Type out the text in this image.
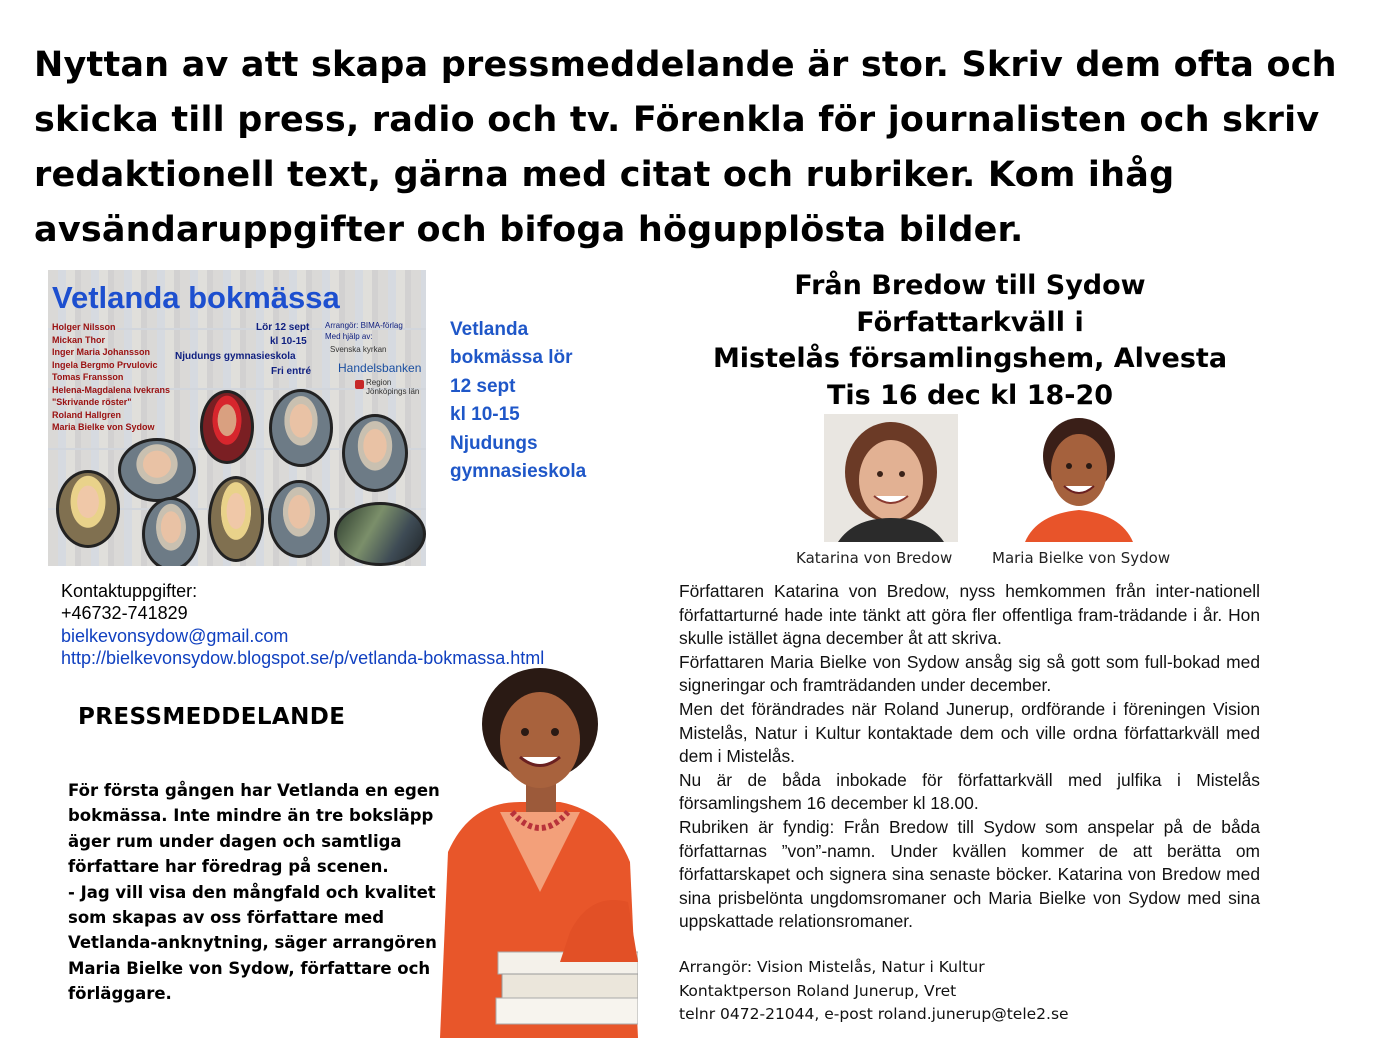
Nyttan av att skapa pressmeddelande är stor. Skriv dem ofta och skicka till press, radio och tv. Förenkla för journalisten och skriv redaktionell text, gärna med citat och rubriker. Kom ihåg avsändaruppgifter och bifoga högupplösta bilder.
Vetlanda bokmässa
Holger Nilsson
Mickan Thor
Inger Maria Johansson
Ingela Bergmo Prvulovic
Tomas Fransson
Helena-Magdalena Ivekrans
"Skrivande röster"
Roland Hallgren
Maria Bielke von Sydow
Lör 12 sept
kl 10-15
Njudungs gymnasieskola
Fri entré
Arrangör: BIMA-förlag
Med hjälp av:
Svenska kyrkan
Handelsbanken
Region Jönköpings län
Vetlanda
bokmässa lör
12 sept
kl 10-15
Njudungs
gymnasieskola
Kontaktuppgifter:
+46732-741829
bielkevonsydow@gmail.com
http://bielkevonsydow.blogspot.se/p/vetlanda-bokmassa.html
PRESSMEDDELANDE
För första gången har Vetlanda en egen bokmässa. Inte mindre än tre boksläpp äger rum under dagen och samtliga författare har föredrag på scenen.
- Jag vill visa den mångfald och kvalitet som skapas av oss författare med Vetlanda-anknytning, säger arrangören Maria Bielke von Sydow, författare och förläggare.
Från Bredow till Sydow
Författarkväll i
Mistelås församlingshem, Alvesta
Tis 16 dec kl 18-20
Katarina von Bredow	Maria Bielke von Sydow

Författaren Katarina von Bredow, nyss hemkommen från inter-nationell författarturné hade inte tänkt att göra fler offentliga fram-trädande i år. Hon skulle istället ägna december åt att skriva.

Författaren Maria Bielke von Sydow ansåg sig så gott som full-bokad med signeringar och framträdanden under december.

Men det förändrades när Roland Junerup, ordförande i föreningen Vision Mistelås, Natur i Kultur kontaktade dem och ville ordna författarkväll med dem i Mistelås.

Nu är de båda inbokade för författarkväll med julfika i Mistelås församlingshem 16 december kl 18.00.

Rubriken är fyndig: Från Bredow till Sydow som anspelar på de båda författarnas ”von”-namn. Under kvällen kommer de att berätta om författarskapet och signera sina senaste böcker. Katarina von Bredow med sina prisbelönta ungdomsromaner och Maria Bielke von Sydow med sina uppskattade relationsromaner.

Arrangör: Vision Mistelås, Natur i Kultur
Kontaktperson Roland Junerup, Vret
telnr 0472-21044, e-post roland.junerup@tele2.se
